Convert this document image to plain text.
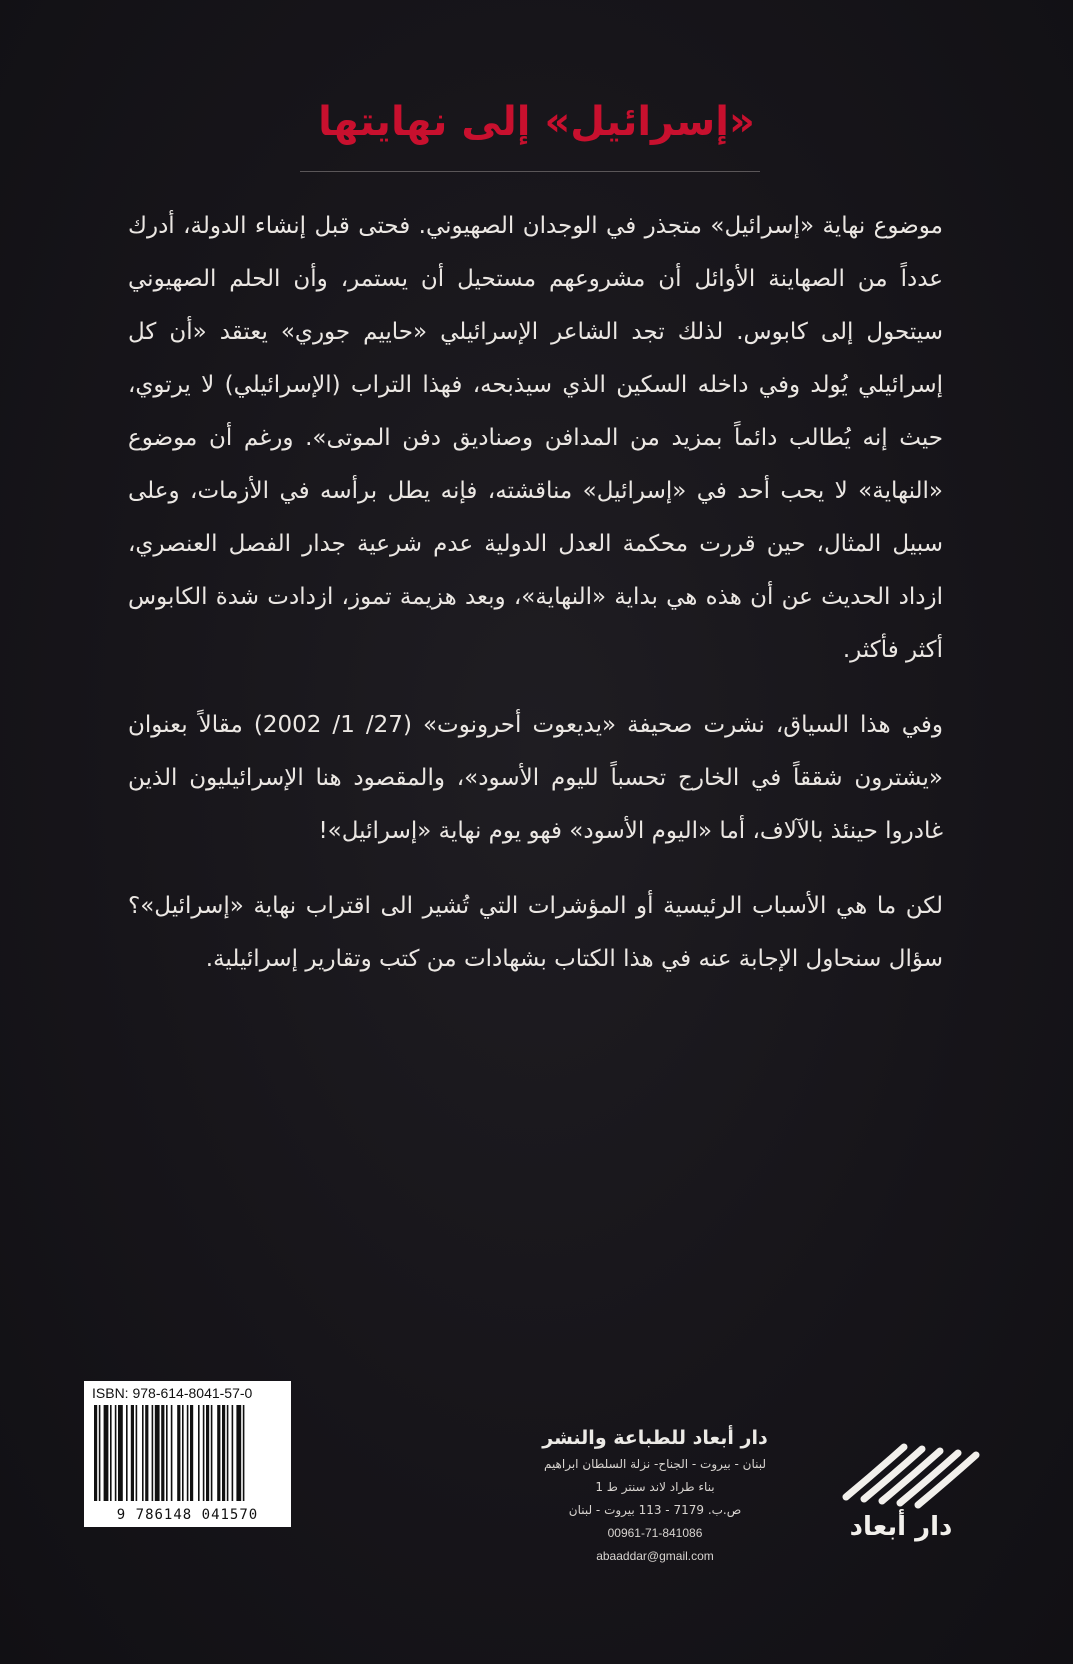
«إسرائيل» إلى نهايتها

موضوع نهاية «إسرائيل» متجذر في الوجدان الصهيوني. فحتى قبل إنشاء الدولة، أدرك عدداً من الصهاينة الأوائل أن مشروعهم مستحيل أن يستمر، وأن الحلم الصهيوني سيتحول إلى كابوس. لذلك تجد الشاعر الإسرائيلي «حاييم جوري» يعتقد «أن كل إسرائيلي يُولد وفي داخله السكين الذي سيذبحه، فهذا التراب (الإسرائيلي) لا يرتوي، حيث إنه يُطالب دائماً بمزيد من المدافن وصناديق دفن الموتى». ورغم أن موضوع «النهاية» لا يحب أحد في «إسرائيل» مناقشته، فإنه يطل برأسه في الأزمات، وعلى سبيل المثال، حين قررت محكمة العدل الدولية عدم شرعية جدار الفصل العنصري، ازداد الحديث عن أن هذه هي بداية «النهاية»، وبعد هزيمة تموز، ازدادت شدة الكابوس أكثر فأكثر.

وفي هذا السياق، نشرت صحيفة «يديعوت أحرونوت» (27/ 1/ 2002) مقالاً بعنوان «يشترون شققاً في الخارج تحسباً لليوم الأسود»، والمقصود هنا الإسرائيليون الذين غادروا حينئذ بالآلاف، أما «اليوم الأسود» فهو يوم نهاية «إسرائيل»!

لكن ما هي الأسباب الرئيسية أو المؤشرات التي تُشير الى اقتراب نهاية «إسرائيل»؟ سؤال سنحاول الإجابة عنه في هذا الكتاب بشهادات من كتب وتقارير إسرائيلية.

ISBN: 978-614-8041-57-0
9 786148 041570
دار أبعاد للطباعة والنشر
لبنان - بيروت - الجناح- نزلة السلطان ابراهيم
بناء طراد لاند سنتر ط 1
ص.ب. 7179 - 113 بيروت - لبنان
00961-71-841086
abaaddar@gmail.com
دار أبعاد
